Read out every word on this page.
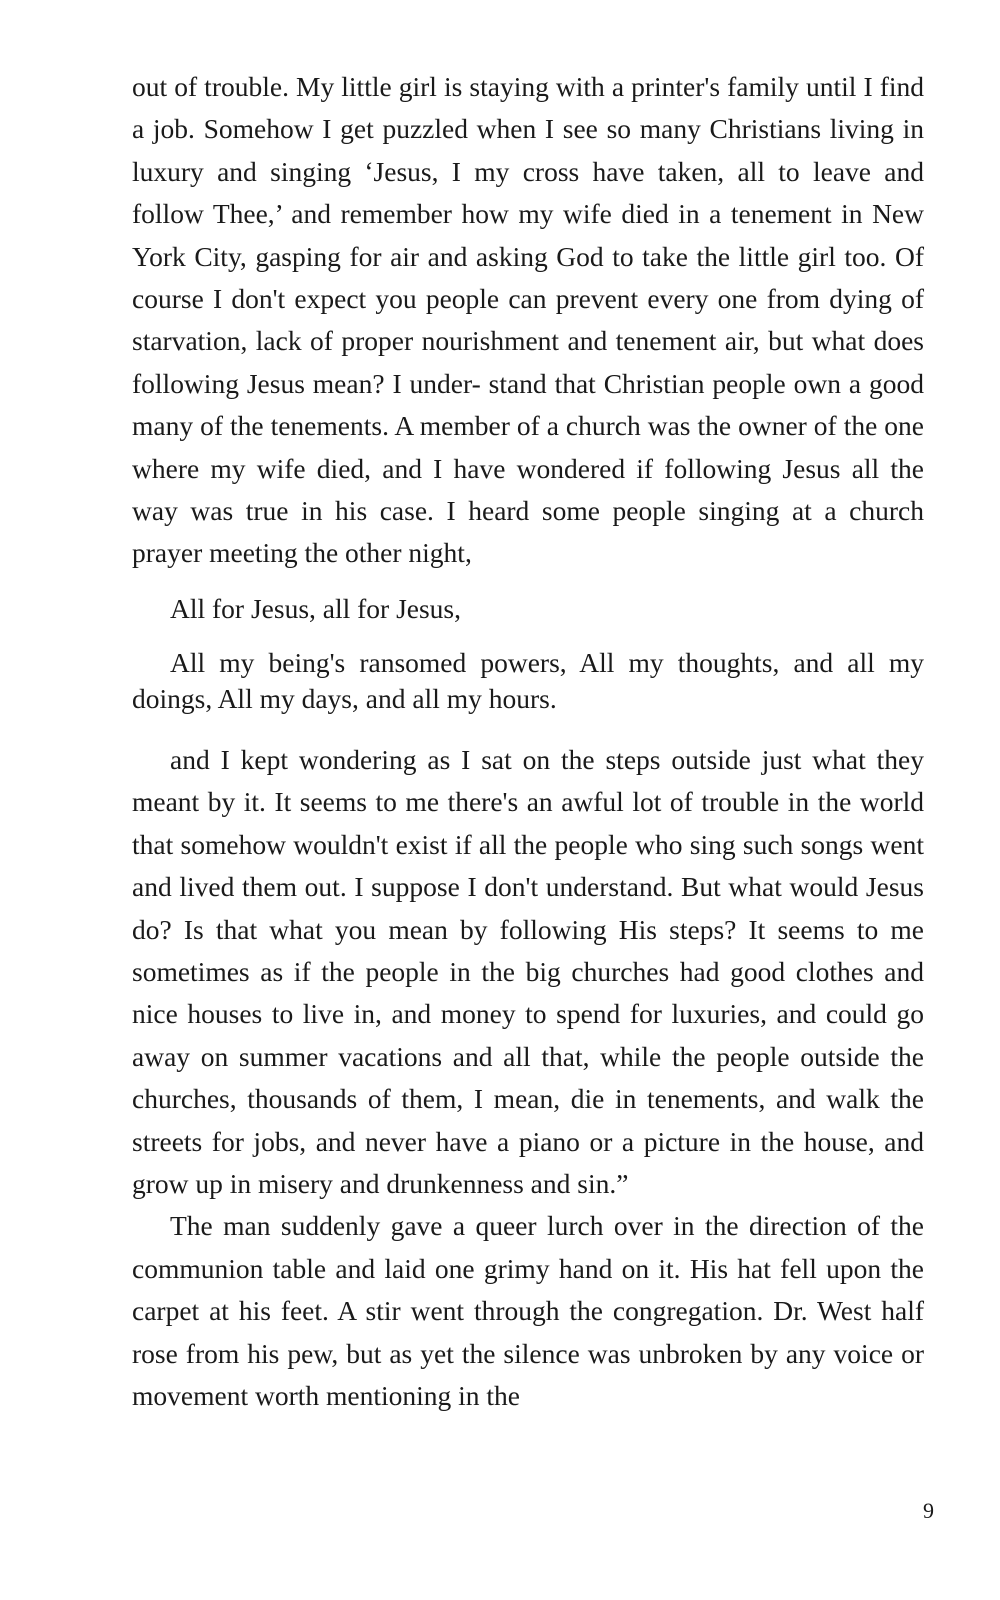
out of trouble. My little girl is staying with a printer's family until I find a job. Somehow I get puzzled when I see so many Christians living in luxury and singing ‘Jesus, I my cross have taken, all to leave and follow Thee,’ and remember how my wife died in a tenement in New York City, gasping for air and asking God to take the little girl too. Of course I don't expect you people can prevent every one from dying of starvation, lack of proper nourishment and tenement air, but what does following Jesus mean? I under- stand that Christian people own a good many of the tenements. A member of a church was the owner of the one where my wife died, and I have wondered if following Jesus all the way was true in his case. I heard some people singing at a church prayer meeting the other night,

All for Jesus, all for Jesus,

All my being's ransomed powers, All my thoughts, and all my doings, All my days, and all my hours.

and I kept wondering as I sat on the steps outside just what they meant by it. It seems to me there's an awful lot of trouble in the world that somehow wouldn't exist if all the people who sing such songs went and lived them out. I suppose I don't understand. But what would Jesus do? Is that what you mean by following His steps? It seems to me sometimes as if the people in the big churches had good clothes and nice houses to live in, and money to spend for luxuries, and could go away on summer vacations and all that, while the people outside the churches, thousands of them, I mean, die in tenements, and walk the streets for jobs, and never have a piano or a picture in the house, and grow up in misery and drunkenness and sin.”

The man suddenly gave a queer lurch over in the direction of the communion table and laid one grimy hand on it. His hat fell upon the carpet at his feet. A stir went through the congregation. Dr. West half rose from his pew, but as yet the silence was unbroken by any voice or movement worth mentioning in the

9
